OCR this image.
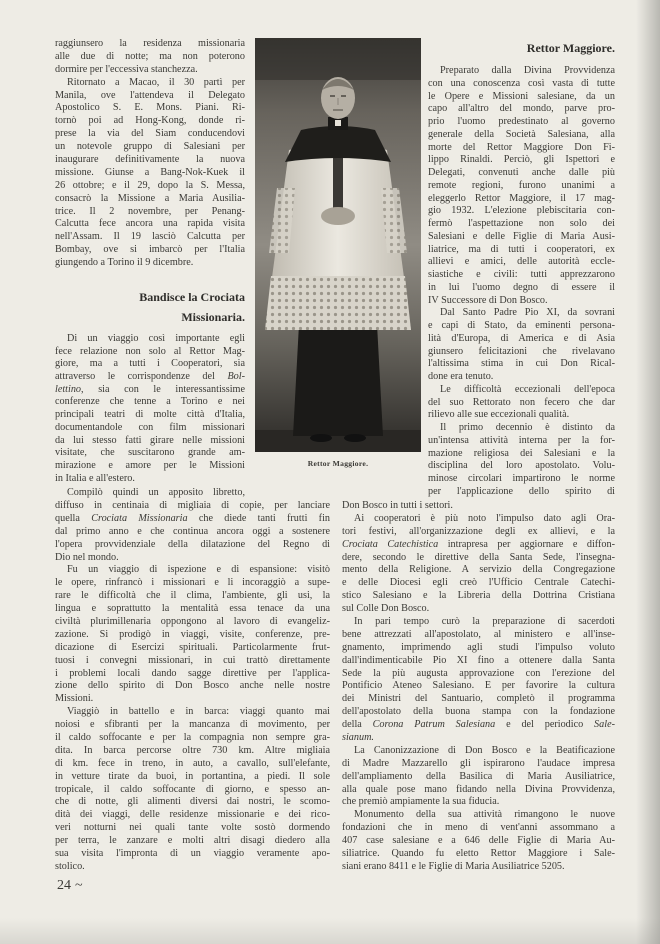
raggiunsero la residenza missionaria
alle due di notte; ma non poterono
dormire per l'eccessiva stanchezza.
Ritornato a Macao, il 30 partì per
Manila, ove l'attendeva il Delegato
Apostolico S. E. Mons. Piani. Ri-
tornò poi ad Hong-Kong, donde ri-
prese la via del Siam conducendovi
un notevole gruppo di Salesiani per
inaugurare definitivamente la nuova
missione. Giunse a Bang-Nok-Kuek il
26 ottobre; e il 29, dopo la S. Messa,
consacrò la Missione a Maria Ausilia-
trice. Il 2 novembre, per Penang-
Calcutta fece ancora una rapida visita
nell'Assam. Il 19 lasciò Calcutta per
Bombay, ove si imbarcò per l'Italia
giungendo a Torino il 9 dicembre.
Bandisce la Crociata
Missionaria.
Di un viaggio così importante egli
fece relazione non solo al Rettor Mag-
giore, ma a tutti i Cooperatori, sia
attraverso le corrispondenze del Bol-
lettino, sia con le interessantissime
conferenze che tenne a Torino e nei
principali teatri di molte città d'Italia,
documentandole con film missionari
da lui stesso fatti girare nelle missioni
visitate, che suscitarono grande am-
mirazione e amore per le Missioni
in Italia e all'estero.
Compilò quindi un apposito libretto,
diffuso in centinaia di migliaia di copie, per lanciare
quella Crociata Missionaria che diede tanti frutti fin
dal primo anno e che continua ancora oggi a sostenere
l'opera provvidenziale della dilatazione del Regno di
Dio nel mondo.
Fu un viaggio di ispezione e di espansione: visitò
le opere, rinfrancò i missionari e li incoraggiò a supe-
rare le difficoltà che il clima, l'ambiente, gli usi, la
lingua e soprattutto la mentalità essa tenace da una
civiltà plurimillenaria oppongono al lavoro di evangeliz-
zazione. Si prodigò in viaggi, visite, conferenze, pre-
dicazione di Esercizi spirituali. Particolarmente frut-
tuosi i convegni missionari, in cui trattò direttamente
i problemi locali dando sagge direttive per l'applica-
zione dello spirito di Don Bosco anche nelle nostre
Missioni.
Viaggiò in battello e in barca: viaggi quanto mai
noiosi e sfibranti per la mancanza di movimento, per
il caldo soffocante e per la compagnia non sempre gra-
dita. In barca percorse oltre 730 km. Altre migliaia
di km. fece in treno, in auto, a cavallo, sull'elefante,
in vetture tirate da buoi, in portantina, a piedi. Il sole
tropicale, il caldo soffocante di giorno, e spesso an-
che di notte, gli alimenti diversi dai nostri, le scomo-
dità dei viaggi, delle residenze missionarie e dei rico-
veri notturni nei quali tante volte sostò dormendo
per terra, le zanzare e molti altri disagi diedero alla
sua visita l'impronta di un viaggio veramente apo-
stolico.
Rettor Maggiore.
Rettor Maggiore.
Preparato dalla Divina Provvidenza
con una conoscenza così vasta di tutte
le Opere e Missioni salesiane, da un
capo all'altro del mondo, parve pro-
prio l'uomo predestinato al governo
generale della Società Salesiana, alla
morte del Rettor Maggiore Don Fi-
lippo Rinaldi. Perciò, gli Ispettori e
Delegati, convenuti anche dalle più
remote regioni, furono unanimi a
eleggerlo Rettor Maggiore, il 17 mag-
gio 1932. L'elezione plebiscitaria con-
fermò l'aspettazione non solo dei
Salesiani e delle Figlie di Maria Ausi-
liatrice, ma di tutti i cooperatori, ex
allievi e amici, delle autorità eccle-
siastiche e civili: tutti apprezzarono
in lui l'uomo degno di essere il
IV Successore di Don Bosco.
Dal Santo Padre Pio XI, da sovrani
e capi di Stato, da eminenti persona-
lità d'Europa, di America e di Asia
giunsero felicitazioni che rivelavano
l'altissima stima in cui Don Rical-
done era tenuto.
Le difficoltà eccezionali dell'epoca
del suo Rettorato non fecero che dar
rilievo alle sue eccezionali qualità.
Il primo decennio è distinto da
un'intensa attività interna per la for-
mazione religiosa dei Salesiani e la
disciplina del loro apostolato. Volu-
minose circolari impartirono le norme
per l'applicazione dello spirito di
Don Bosco in tutti i settori.
Ai cooperatori è più noto l'impulso dato agli Ora-
tori festivi, all'organizzazione degli ex allievi, e la
Crociata Catechistica intrapresa per aggiornare e diffon-
dere, secondo le direttive della Santa Sede, l'insegna-
mento della Religione. A servizio della Congregazione
e delle Diocesi egli creò l'Ufficio Centrale Catechi-
stico Salesiano e la Libreria della Dottrina Cristiana
sul Colle Don Bosco.
In pari tempo curò la preparazione di sacerdoti
bene attrezzati all'apostolato, al ministero e all'inse-
gnamento, imprimendo agli studi l'impulso voluto
dall'indimenticabile Pio XI fino a ottenere dalla Santa
Sede la più augusta approvazione con l'erezione del
Pontificio Ateneo Salesiano. E per favorire la cultura
dei Ministri del Santuario, completò il programma
dell'apostolato della buona stampa con la fondazione
della Corona Patrum Salesiana e del periodico Sale-
sianum.
La Canonizzazione di Don Bosco e la Beatificazione
di Madre Mazzarello gli ispirarono l'audace impresa
dell'ampliamento della Basilica di Maria Ausiliatrice,
alla quale pose mano fidando nella Divina Provvidenza,
che premiò ampiamente la sua fiducia.
Monumento della sua attività rimangono le nuove
fondazioni che in meno di vent'anni assommano a
407 case salesiane e a 646 delle Figlie di Maria Au-
siliatrice. Quando fu eletto Rettor Maggiore i Sale-
siani erano 8411 e le Figlie di Maria Ausiliatrice 5205.
24 ~
